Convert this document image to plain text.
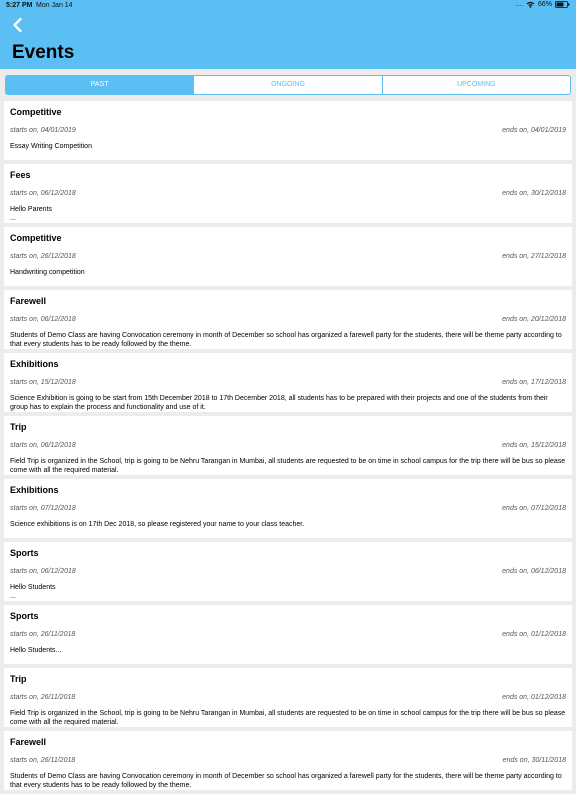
5:27 PM Mon Jan 14	.... 66%
Events
PAST	ONGOING	UPCOMING
Competitive
starts on, 04/01/2019	ends on, 04/01/2019
Essay Writing Competition
Fees
starts on, 06/12/2018	ends on, 30/12/2018
Hello Parents
...
Competitive
starts on, 26/12/2018	ends on, 27/12/2018
Handwriting competition
Farewell
starts on, 06/12/2018	ends on, 20/12/2018
Students of Demo Class are having Convocation ceremony in month of December so school has organized a farewell party for the students, there will be theme party according to that every students has to be ready followed by the theme.
Exhibitions
starts on, 15/12/2018	ends on, 17/12/2018
Science Exhibition is going to be start from 15th December 2018 to 17th December 2018, all students has to be prepared with their projects and one of the students from their group has to explain the process and functionality and use of it.
Trip
starts on, 06/12/2018	ends on, 15/12/2018
Field Trip is organized in the School, trip is going to be Nehru Tarangan in Mumbai, all students are requested to be on time in school campus for the trip there will be bus so please come with all the required material.
Exhibitions
starts on, 07/12/2018	ends on, 07/12/2018
Science exhibitions is on 17th Dec 2018, so please registered your name to your class teacher.
Sports
starts on, 06/12/2018	ends on, 06/12/2018
Hello Students
...
Sports
starts on, 26/11/2018	ends on, 01/12/2018
Hello Students...
Trip
starts on, 26/11/2018	ends on, 01/12/2018
Field Trip is organized in the School, trip is going to be Nehru Tarangan in Mumbai, all students are requested to be on time in school campus for the trip there will be bus so please come with all the required material.
Farewell
starts on, 26/11/2018	ends on, 30/11/2018
Students of Demo Class are having Convocation ceremony in month of December so school has organized a farewell party for the students, there will be theme party according to that every students has to be ready followed by the theme.
